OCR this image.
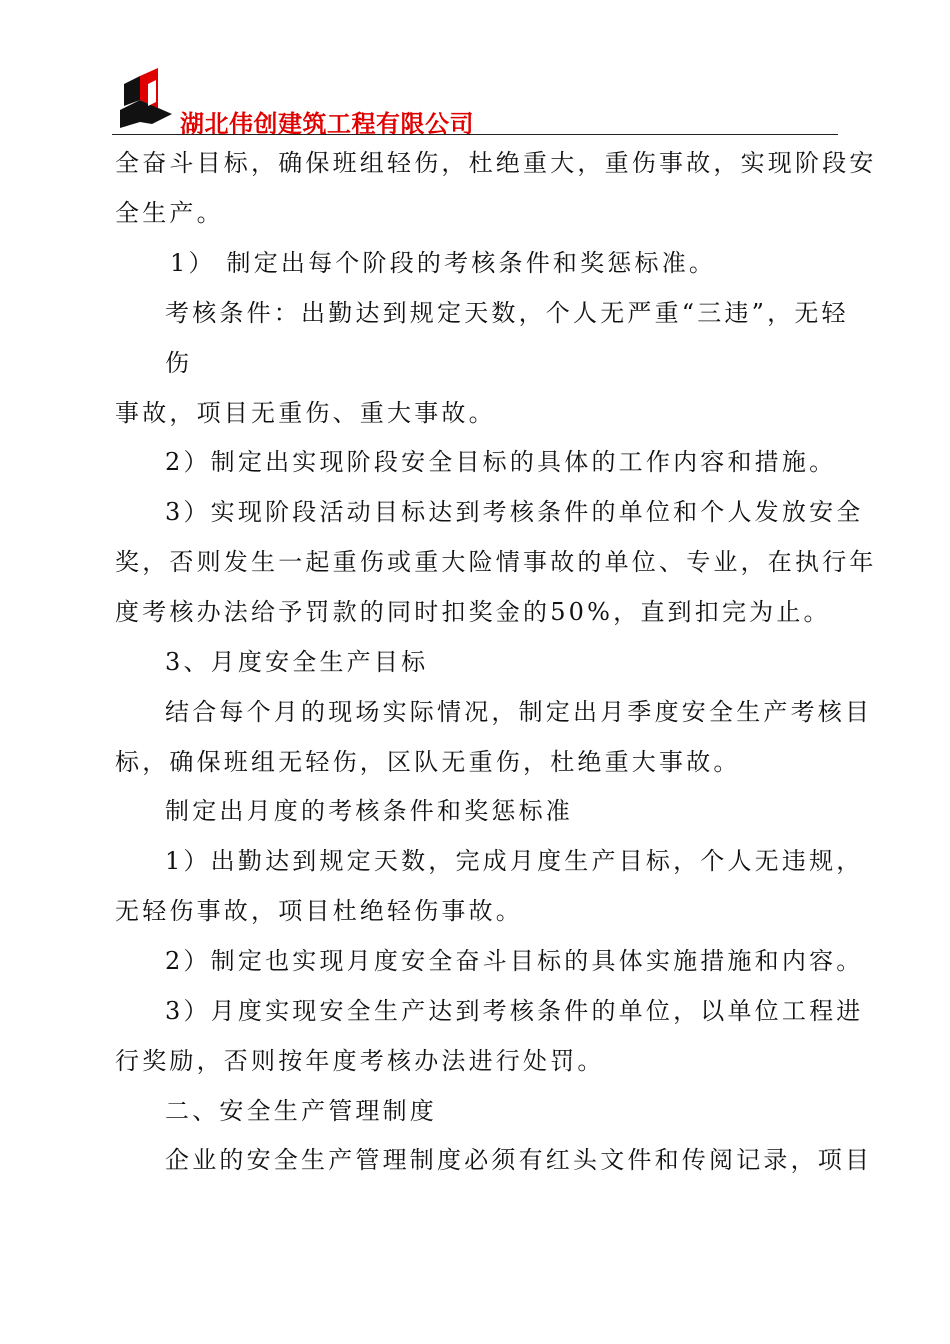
湖北伟创建筑工程有限公司
全奋斗目标，确保班组轻伤，杜绝重大，重伤事故，实现阶段安
全生产。
1） 制定出每个阶段的考核条件和奖惩标准。
考核条件：出勤达到规定天数，个人无严重“三违”，无轻
伤
事故，项目无重伤、重大事故。
2）制定出实现阶段安全目标的具体的工作内容和措施。
3）实现阶段活动目标达到考核条件的单位和个人发放安全
奖，否则发生一起重伤或重大险情事故的单位、专业，在执行年
度考核办法给予罚款的同时扣奖金的50%，直到扣完为止。
3、月度安全生产目标
结合每个月的现场实际情况，制定出月季度安全生产考核目
标，确保班组无轻伤，区队无重伤，杜绝重大事故。
制定出月度的考核条件和奖惩标准
1）出勤达到规定天数，完成月度生产目标，个人无违规，
无轻伤事故，项目杜绝轻伤事故。
2）制定也实现月度安全奋斗目标的具体实施措施和内容。
3）月度实现安全生产达到考核条件的单位，以单位工程进
行奖励，否则按年度考核办法进行处罚。
二、安全生产管理制度
企业的安全生产管理制度必须有红头文件和传阅记录，项目
